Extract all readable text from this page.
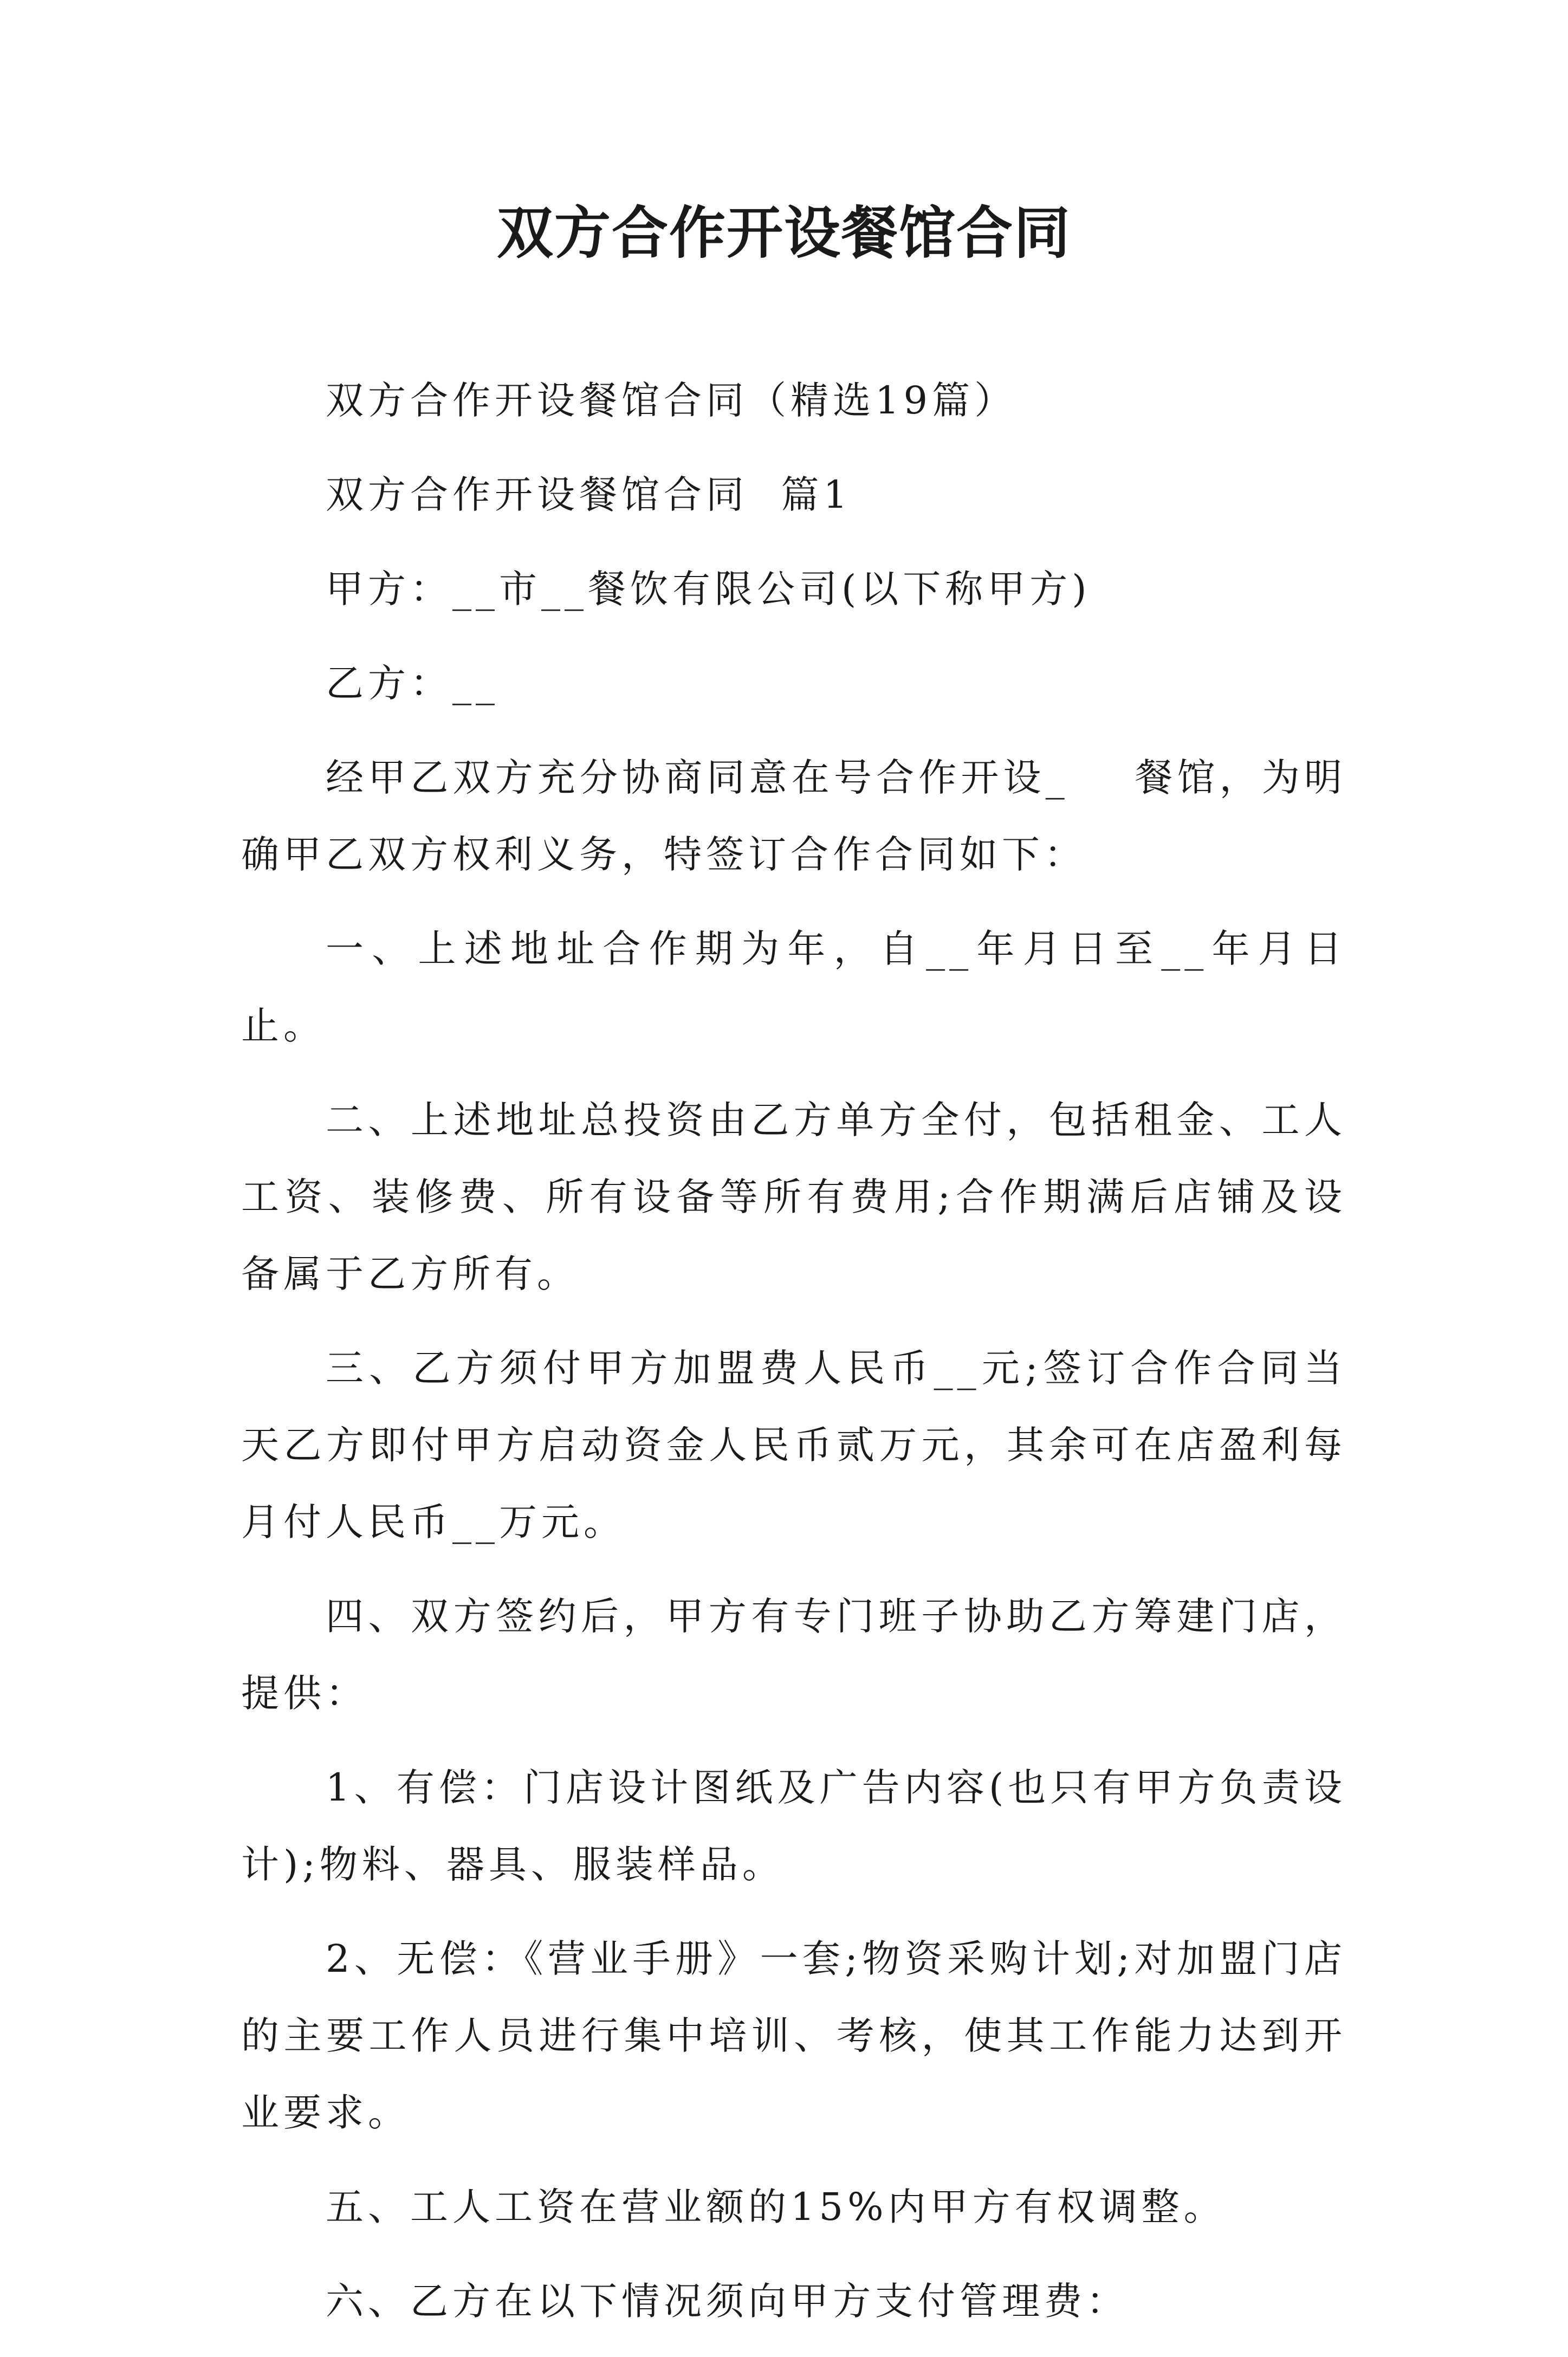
双方合作开设餐馆合同

双方合作开设餐馆合同（精选19篇）

双方合作开设餐馆合同  篇1

甲方：__市__餐饮有限公司(以下称甲方)

乙方：__

经甲乙双方充分协商同意在号合作开设_    餐馆，为明确甲乙双方权利义务，特签订合作合同如下：

一、上述地址合作期为年，自__年月日至__年月日止。

二、上述地址总投资由乙方单方全付，包括租金、工人工资、装修费、所有设备等所有费用;合作期满后店铺及设备属于乙方所有。

三、乙方须付甲方加盟费人民币__元;签订合作合同当天乙方即付甲方启动资金人民币贰万元，其余可在店盈利每月付人民币__万元。

四、双方签约后，甲方有专门班子协助乙方筹建门店，提供：

1、有偿：门店设计图纸及广告内容(也只有甲方负责设计);物料、器具、服装样品。

2、无偿：《营业手册》一套;物资采购计划;对加盟门店的主要工作人员进行集中培训、考核，使其工作能力达到开业要求。

五、工人工资在营业额的15%内甲方有权调整。

六、乙方在以下情况须向甲方支付管理费：
